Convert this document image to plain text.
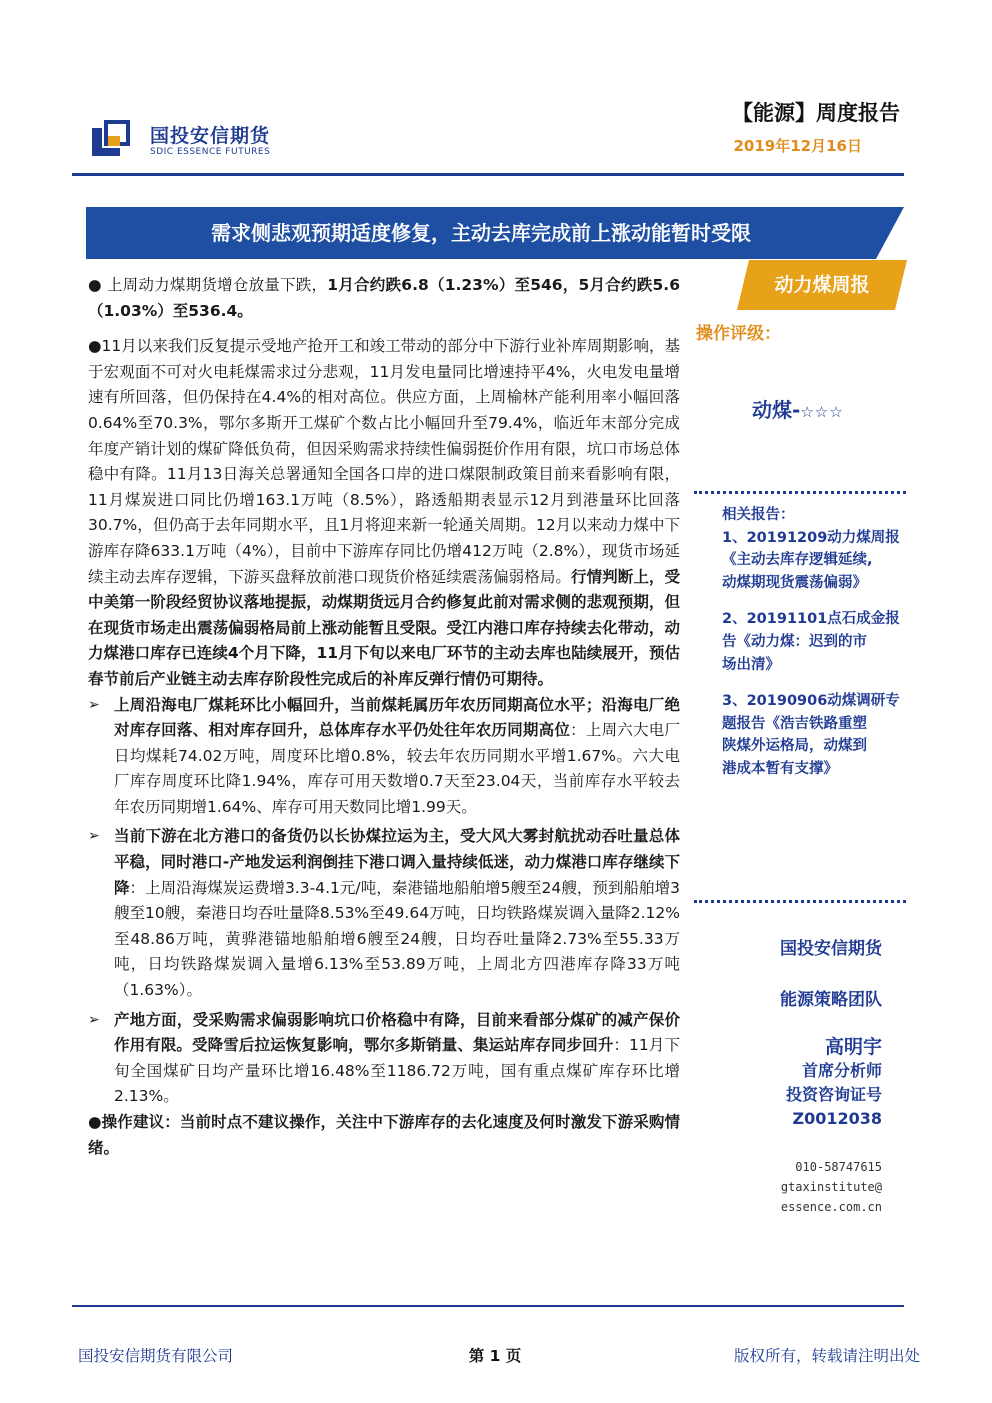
国投安信期货
SDIC ESSENCE FUTURES
【能源】周度报告
2019年12月16日
需求侧悲观预期适度修复，主动去库完成前上涨动能暂时受限
动力煤周报

● 上周动力煤期货增仓放量下跌，1月合约跌6.8（1.23%）至546，5月合约跌5.6（1.03%）至536.4。

●11月以来我们反复提示受地产抢开工和竣工带动的部分中下游行业补库周期影响，基于宏观面不可对火电耗煤需求过分悲观，11月发电量同比增速持平4%，火电发电量增速有所回落，但仍保持在4.4%的相对高位。供应方面，上周榆林产能利用率小幅回落0.64%至70.3%，鄂尔多斯开工煤矿个数占比小幅回升至79.4%，临近年末部分完成年度产销计划的煤矿降低负荷，但因采购需求持续性偏弱挺价作用有限，坑口市场总体稳中有降。11月13日海关总署通知全国各口岸的进口煤限制政策目前来看影响有限，11月煤炭进口同比仍增163.1万吨（8.5%），路透船期表显示12月到港量环比回落30.7%，但仍高于去年同期水平，且1月将迎来新一轮通关周期。12月以来动力煤中下游库存降633.1万吨（4%），目前中下游库存同比仍增412万吨（2.8%），现货市场延续主动去库存逻辑，下游买盘释放前港口现货价格延续震荡偏弱格局。行情判断上，受中美第一阶段经贸协议落地提振，动煤期货远月合约修复此前对需求侧的悲观预期，但在现货市场走出震荡偏弱格局前上涨动能暂且受限。受江内港口库存持续去化带动，动力煤港口库存已连续4个月下降，11月下旬以来电厂环节的主动去库也陆续展开，预估春节前后产业链主动去库存阶段性完成后的补库反弹行情仍可期待。

➢ 上周沿海电厂煤耗环比小幅回升，当前煤耗属历年农历同期高位水平；沿海电厂绝对库存回落、相对库存回升，总体库存水平仍处往年农历同期高位：上周六大电厂日均煤耗74.02万吨，周度环比增0.8%，较去年农历同期水平增1.67%。六大电厂库存周度环比降1.94%，库存可用天数增0.7天至23.04天，当前库存水平较去年农历同期增1.64%、库存可用天数同比增1.99天。

➢ 当前下游在北方港口的备货仍以长协煤拉运为主，受大风大雾封航扰动吞吐量总体平稳，同时港口-产地发运利润倒挂下港口调入量持续低迷，动力煤港口库存继续下降：上周沿海煤炭运费增3.3-4.1元/吨，秦港锚地船舶增5艘至24艘，预到船舶增3艘至10艘，秦港日均吞吐量降8.53%至49.64万吨，日均铁路煤炭调入量降2.12%至48.86万吨，黄骅港锚地船舶增6艘至24艘，日均吞吐量降2.73%至55.33万吨，日均铁路煤炭调入量增6.13%至53.89万吨，上周北方四港库存降33万吨（1.63%）。

➢ 产地方面，受采购需求偏弱影响坑口价格稳中有降，目前来看部分煤矿的减产保价作用有限。受降雪后拉运恢复影响，鄂尔多斯销量、集运站库存同步回升：11月下旬全国煤矿日均产量环比增16.48%至1186.72万吨，国有重点煤矿库存环比增2.13%。

●操作建议：当前时点不建议操作，关注中下游库存的去化速度及何时激发下游采购情绪。

操作评级：
动煤-☆☆☆
相关报告：
1、20191209动力煤周报
《主动去库存逻辑延续,
动煤期现货震荡偏弱》
2、20191101点石成金报
告《动力煤：迟到的市
场出清》
3、20190906动煤调研专
题报告《浩吉铁路重塑
陕煤外运格局，动煤到
港成本暂有支撑》
国投安信期货
能源策略团队
高明宇
首席分析师
投资咨询证号
Z0012038
010-58747615
gtaxinstitute@
essence.com.cn
国投安信期货有限公司	第 1 页	版权所有，转载请注明出处
